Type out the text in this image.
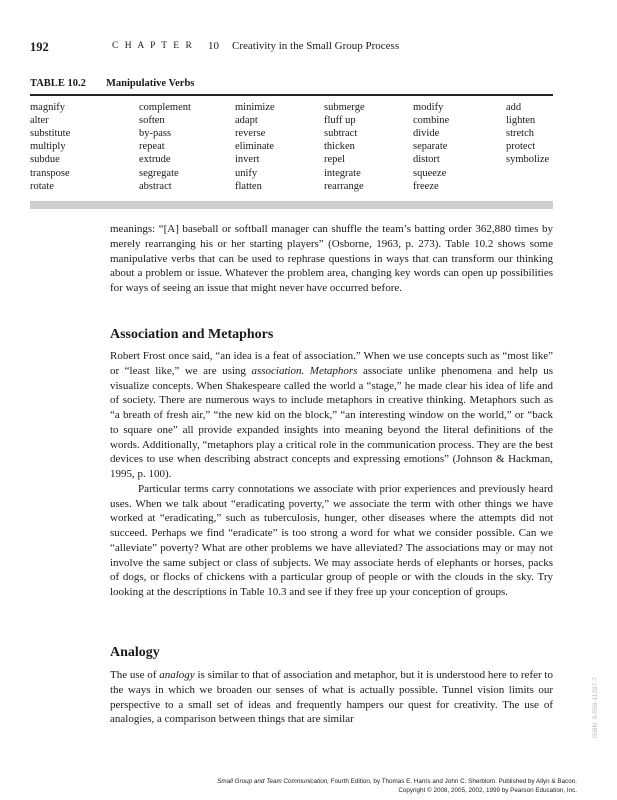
192	C H A P T E R 10 Creativity in the Small Group Process
TABLE 10.2 Manipulative Verbs
magnify
alter
substitute
multiply
subdue
transpose
rotate
complement
soften
by-pass
repeat
extrude
segregate
abstract
minimize
adapt
reverse
eliminate
invert
unify
flatten
submerge
fluff up
subtract
thicken
repel
integrate
rearrange
modify
combine
divide
separate
distort
squeeze
freeze
add
lighten
stretch
protect
symbolize

meanings: “[A] baseball or softball manager can shuffle the team’s batting order 362,880 times by merely rearranging his or her starting players” (Osborne, 1963, p. 273). Table 10.2 shows some manipulative verbs that can be used to rephrase questions in ways that can transform our thinking about a problem or issue. Whatever the problem area, changing key words can open up possibilities for ways of seeing an issue that might never have occurred before.

Association and Metaphors

Robert Frost once said, “an idea is a feat of association.” When we use concepts such as “most like” or “least like,” we are using association. Metaphors associate unlike phenomena and help us visualize concepts. When Shakespeare called the world a “stage,” he made clear his idea of life and of society. There are numerous ways to include metaphors in creative thinking. Metaphors such as “a breath of fresh air,” “the new kid on the block,” “an interesting window on the world,” or “back to square one” all provide expanded insights into meaning beyond the literal definitions of the words. Additionally, “metaphors play a critical role in the communication process. They are the best devices to use when describing abstract concepts and expressing emotions” (Johnson & Hackman, 1995, p. 100).

Particular terms carry connotations we associate with prior experiences and previously heard uses. When we talk about “eradicating poverty,” we associate the term with other things we have worked at “eradicating,” such as tuberculosis, hunger, other diseases where the attempts did not succeed. Perhaps we find “eradicate” is too strong a word for what we consider possible. Can we “alleviate” poverty? What are other problems we have alleviated? The associations may or may not involve the same subject or class of subjects. We may associate herds of elephants or horses, packs of dogs, or flocks of chickens with a particular group of people or with the clouds in the sky. Try looking at the descriptions in Table 10.3 and see if they free up your conception of groups.

Analogy

The use of analogy is similar to that of association and metaphor, but it is understood here to refer to the ways in which we broaden our senses of what is actually possible. Tunnel vision limits our perspective to a small set of ideas and frequently hampers our quest for creativity. The use of analogies, a comparison between things that are similar	ISBN: 0-558-11287-7
Small Group and Team Communication, Fourth Edition, by Thomas E. Harris and John C. Sherblom. Published by Allyn & Bacon.
Copyright © 2008, 2005, 2002, 1999 by Pearson Education, Inc.
